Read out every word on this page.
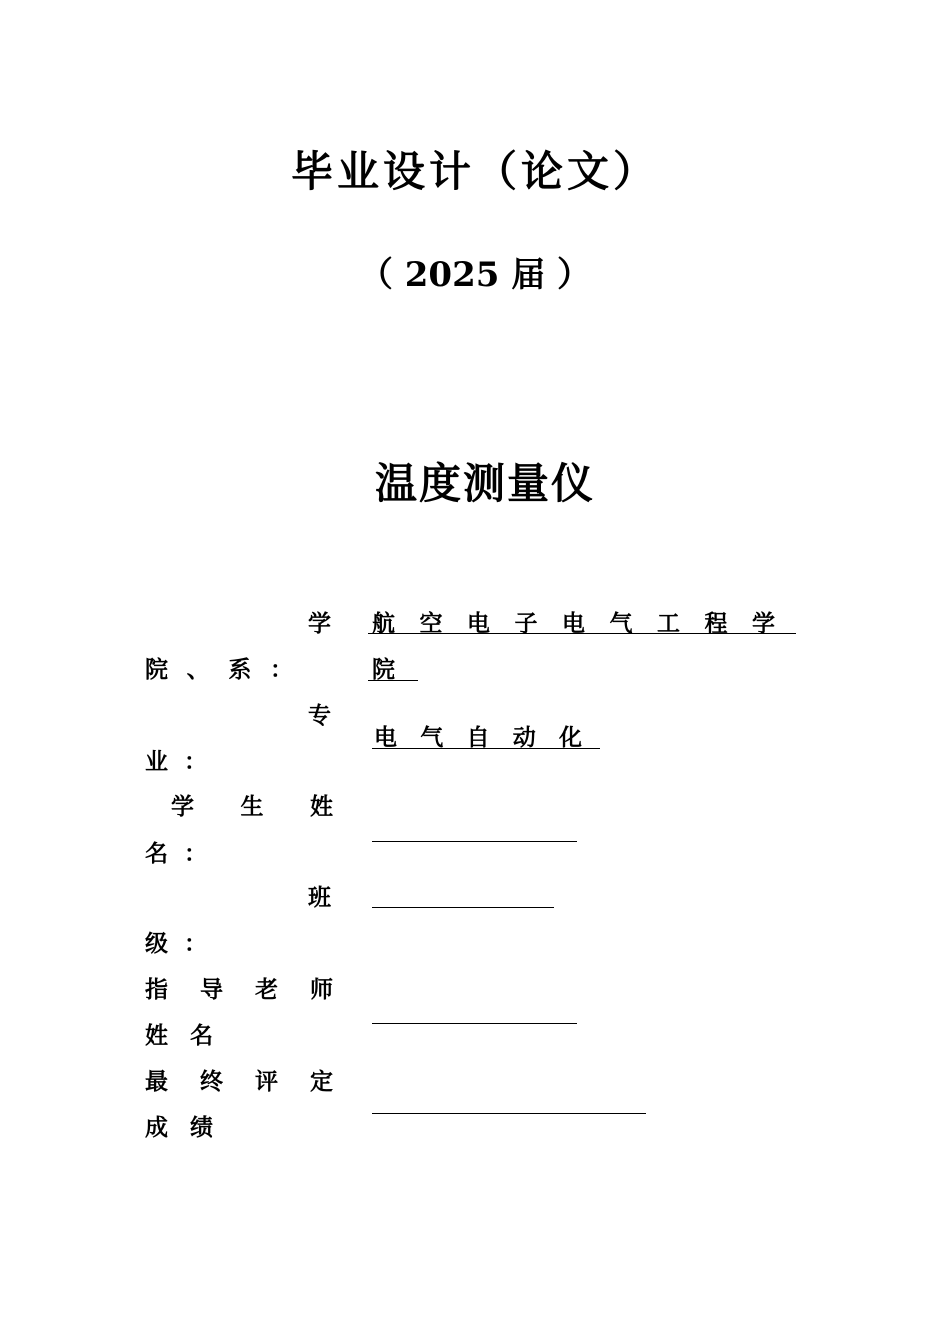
毕业设计（论文）
（ 2025 届 ）
温度测量仪
学
院 、 系 ：
航 空 电 子 电 气 工 程 学
院
专
业 ：
电 气 自 动 化
学 生 姓
名 ：
班
级 ：
指 导 老 师
姓 名
最 终 评 定
成 绩
